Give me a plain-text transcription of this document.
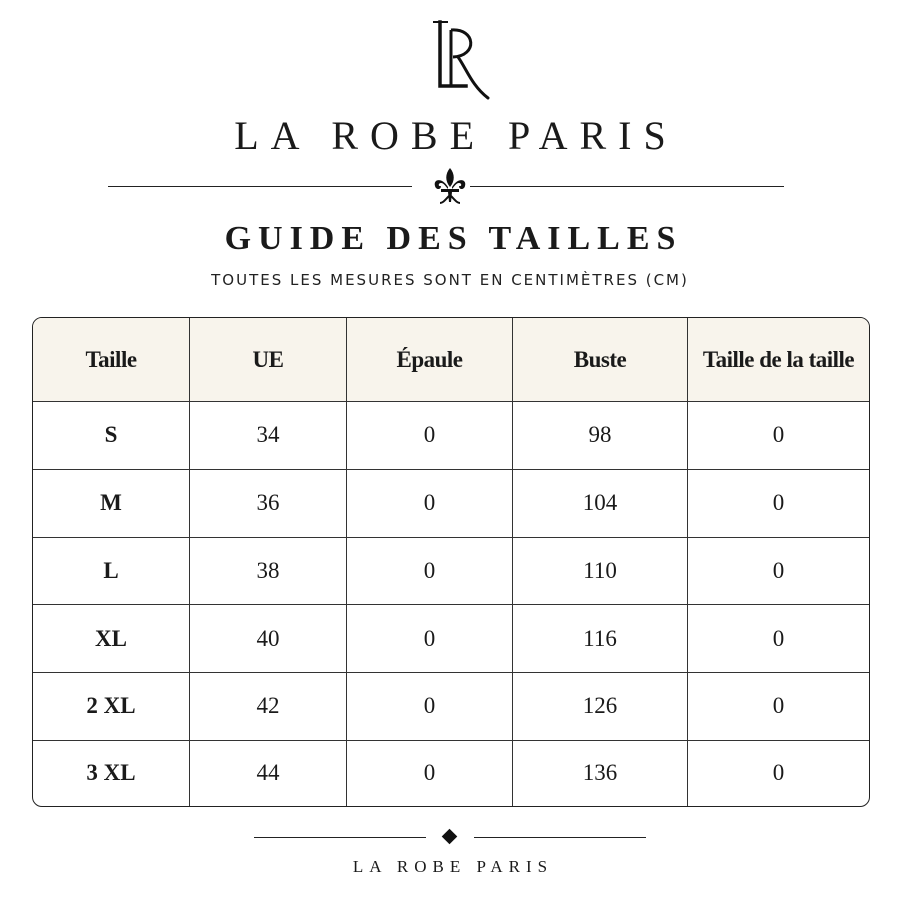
LA ROBE PARIS
GUIDE DES TAILLES
TOUTES LES MESURES SONT EN CENTIMÈTRES (CM)
Taille	UE	Épaule	Buste	Taille de la taille
S	34	0	98	0
M	36	0	104	0
L	38	0	110	0
XL	40	0	116	0
2 XL	42	0	126	0
3 XL	44	0	136	0
LA ROBE PARIS
